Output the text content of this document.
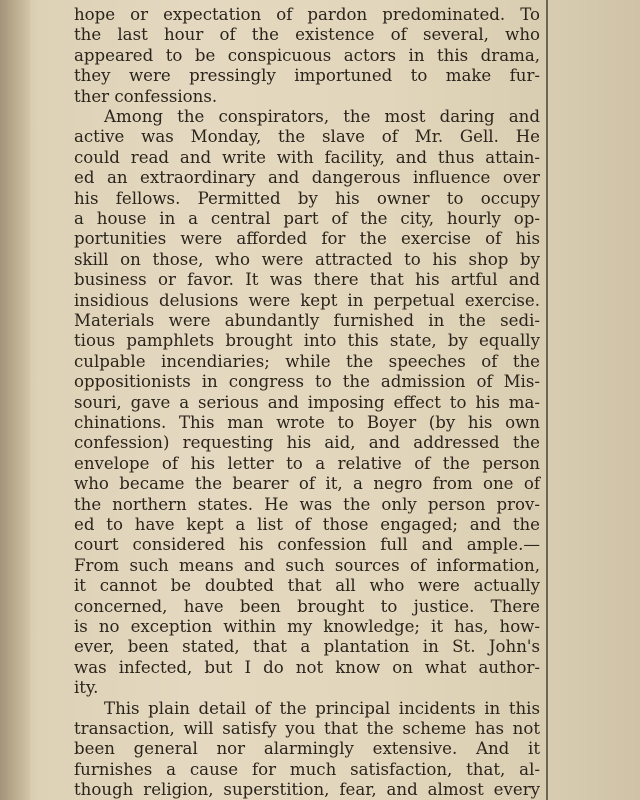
hope or expectation of pardon predominated. To
the last hour of the existence of several, who
appeared to be conspicuous actors in this drama,
they were pressingly importuned to make fur-
ther confessions.
Among the conspirators, the most daring and
active was Monday, the slave of Mr. Gell. He
could read and write with facility, and thus attain-
ed an extraordinary and dangerous influence over
his fellows. Permitted by his owner to occupy
a house in a central part of the city, hourly op-
portunities were afforded for the exercise of his
skill on those, who were attracted to his shop by
business or favor. It was there that his artful and
insidious delusions were kept in perpetual exercise.
Materials were abundantly furnished in the sedi-
tious pamphlets brought into this state, by equally
culpable incendiaries; while the speeches of the
oppositionists in congress to the admission of Mis-
souri, gave a serious and imposing effect to his ma-
chinations. This man wrote to Boyer (by his own
confession) requesting his aid, and addressed the
envelope of his letter to a relative of the person
who became the bearer of it, a negro from one of
the northern states. He was the only person prov-
ed to have kept a list of those engaged; and the
court considered his confession full and ample.—
From such means and such sources of information,
it cannot be doubted that all who were actually
concerned, have been brought to justice. There
is no exception within my knowledge; it has, how-
ever, been stated, that a plantation in St. John's
was infected, but I do not know on what author-
ity.
This plain detail of the principal incidents in this
transaction, will satisfy you that the scheme has not
been general nor alarmingly extensive. And it
furnishes a cause for much satisfaction, that, al-
though religion, superstition, fear, and almost every
